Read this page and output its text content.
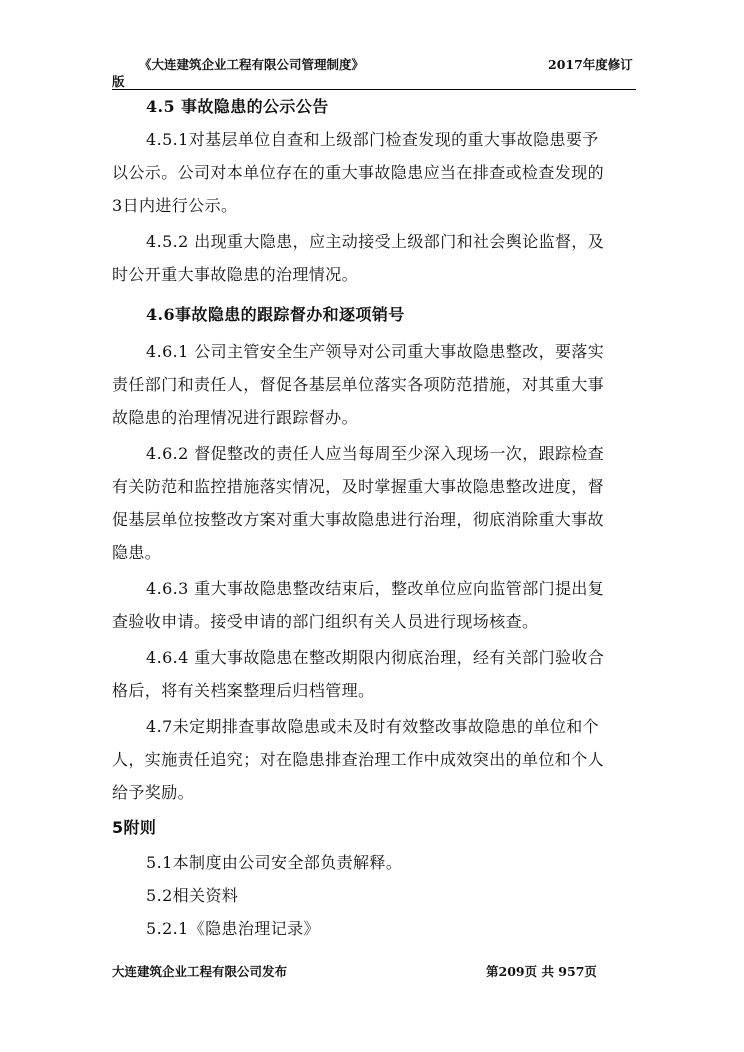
《大连建筑企业工程有限公司管理制度》	2017年度修订
版
4.5 事故隐患的公示公告
4.5.1对基层单位自查和上级部门检查发现的重大事故隐患要予
以公示。公司对本单位存在的重大事故隐患应当在排查或检查发现的
3日内进行公示。
4.5.2 出现重大隐患，应主动接受上级部门和社会舆论监督，及
时公开重大事故隐患的治理情况。
4.6事故隐患的跟踪督办和逐项销号
4.6.1 公司主管安全生产领导对公司重大事故隐患整改，要落实
责任部门和责任人，督促各基层单位落实各项防范措施，对其重大事
故隐患的治理情况进行跟踪督办。
4.6.2 督促整改的责任人应当每周至少深入现场一次，跟踪检查
有关防范和监控措施落实情况，及时掌握重大事故隐患整改进度，督
促基层单位按整改方案对重大事故隐患进行治理，彻底消除重大事故
隐患。
4.6.3 重大事故隐患整改结束后，整改单位应向监管部门提出复
查验收申请。接受申请的部门组织有关人员进行现场核查。
4.6.4 重大事故隐患在整改期限内彻底治理，经有关部门验收合
格后，将有关档案整理后归档管理。
4.7未定期排查事故隐患或未及时有效整改事故隐患的单位和个
人，实施责任追究；对在隐患排查治理工作中成效突出的单位和个人
给予奖励。
5附则
5.1本制度由公司安全部负责解释。
5.2相关资料
5.2.1《隐患治理记录》
大连建筑企业工程有限公司发布	第209页 共 957页
